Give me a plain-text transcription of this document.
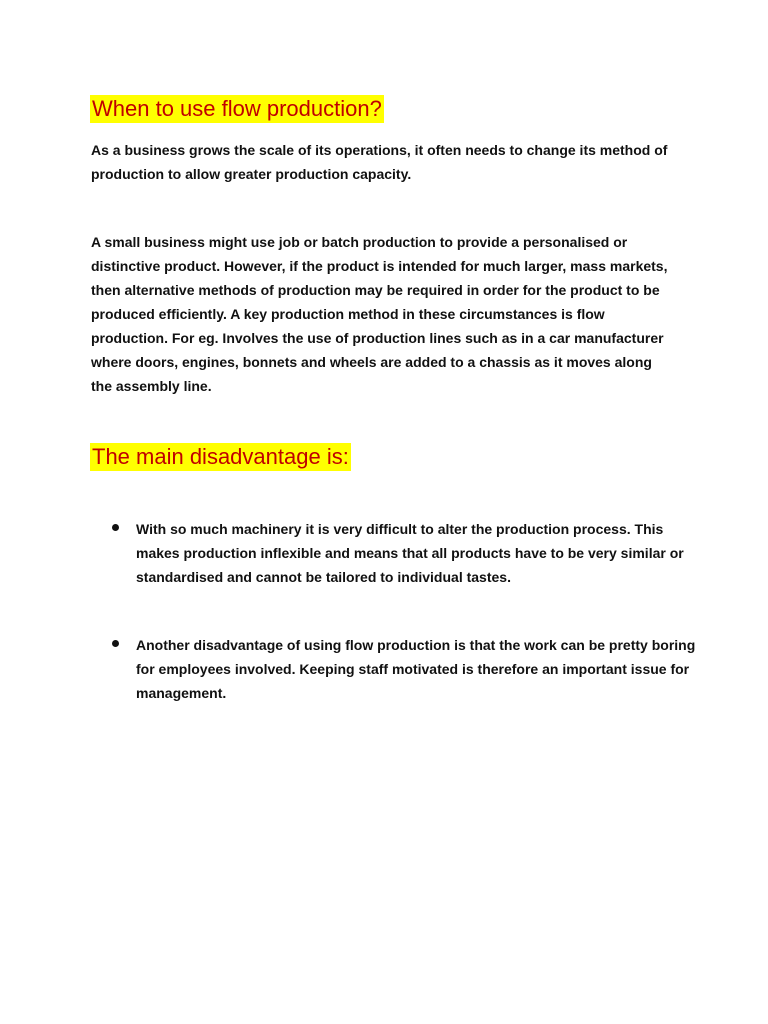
When to use flow production?

As a business grows the scale of its operations, it often needs to change its method of production to allow greater production capacity.

A small business might use job or batch production to provide a personalised or distinctive product. However, if the product is intended for much larger, mass markets, then alternative methods of production may be required in order for the product to be produced efficiently. A key production method in these circumstances is flow production. For eg. Involves the use of production lines such as in a car manufacturer where doors, engines, bonnets and wheels are added to a chassis as it moves along the assembly line.

The main disadvantage is:

With so much machinery it is very difficult to alter the production process. This makes production inflexible and means that all products have to be very similar or standardised and cannot be tailored to individual tastes.

Another disadvantage of using flow production is that the work can be pretty boring for employees involved. Keeping staff motivated is therefore an important issue for management.
